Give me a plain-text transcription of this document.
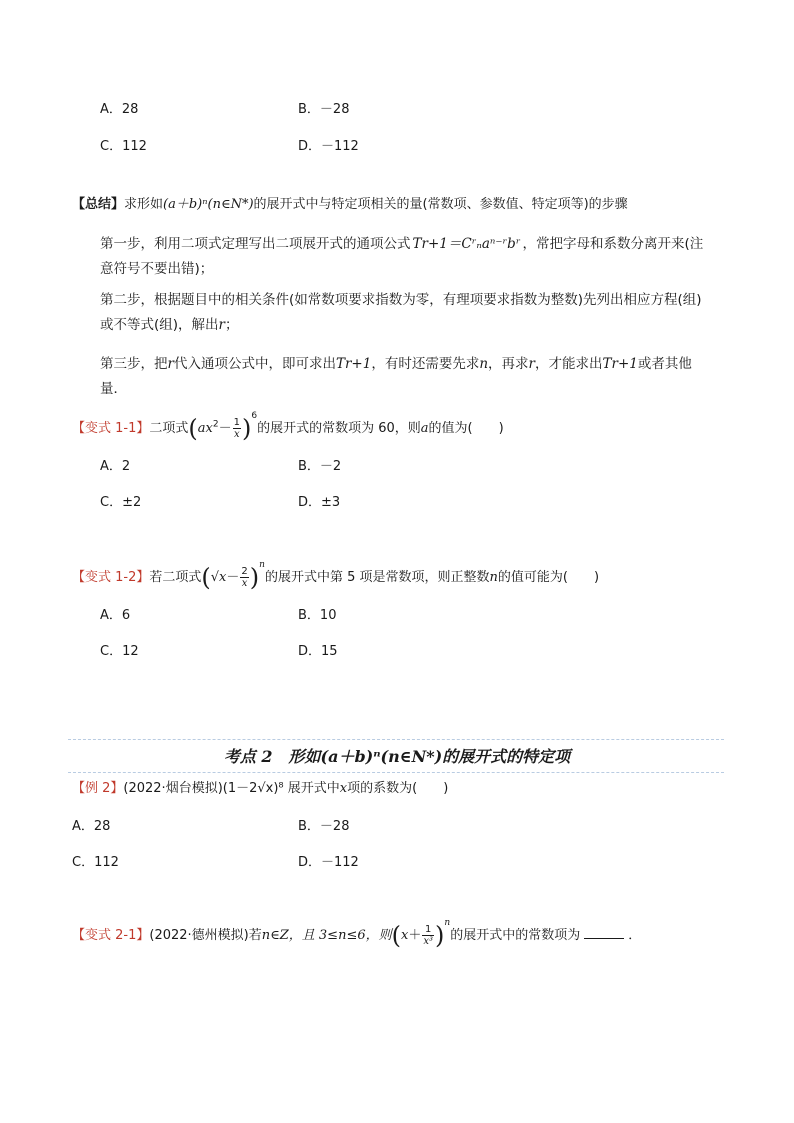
A．28	B．－28
C．112	D．－112
【总结】求形如(a＋b)ⁿ(n∈N*)的展开式中与特定项相关的量(常数项、参数值、特定项等)的步骤
第一步，利用二项式定理写出二项展开式的通项公式 Tr+1＝Cʳₙaⁿ⁻ʳbʳ ，常把字母和系数分离开来(注意符号不要出错)；
第二步，根据题目中的相关条件(如常数项要求指数为零，有理项要求指数为整数)先列出相应方程(组)或不等式(组)，解出r；
第三步，把r代入通项公式中，即可求出Tr+1，有时还需要先求n，再求r，才能求出Tr+1或者其他量．
【变式 1-1】二项式$(ax^2- \frac{1}{x} )^6$的展开式的常数项为 60，则a的值为(　　)
A．2	B．－2
C．±2	D．±3
【变式 1-2】若二项式$(√x- \frac{2}{x} )^n$的展开式中第 5 项是常数项，则正整数n的值可能为(　　)
A．6	B．10
C．12	D．15
考点 2　形如(a＋b)ⁿ(n∈N*)的展开式的特定项
【例 2】(2022·烟台模拟)(1－2√x)⁸ 展开式中x项的系数为(　　)
A．28	B．－28
C．112	D．－112
【变式 2-1】(2022·德州模拟)若n∈Z，且 3≤n≤6，则$(x+ \frac{1}{\text{x³}} )^n$的展开式中的常数项为	．
